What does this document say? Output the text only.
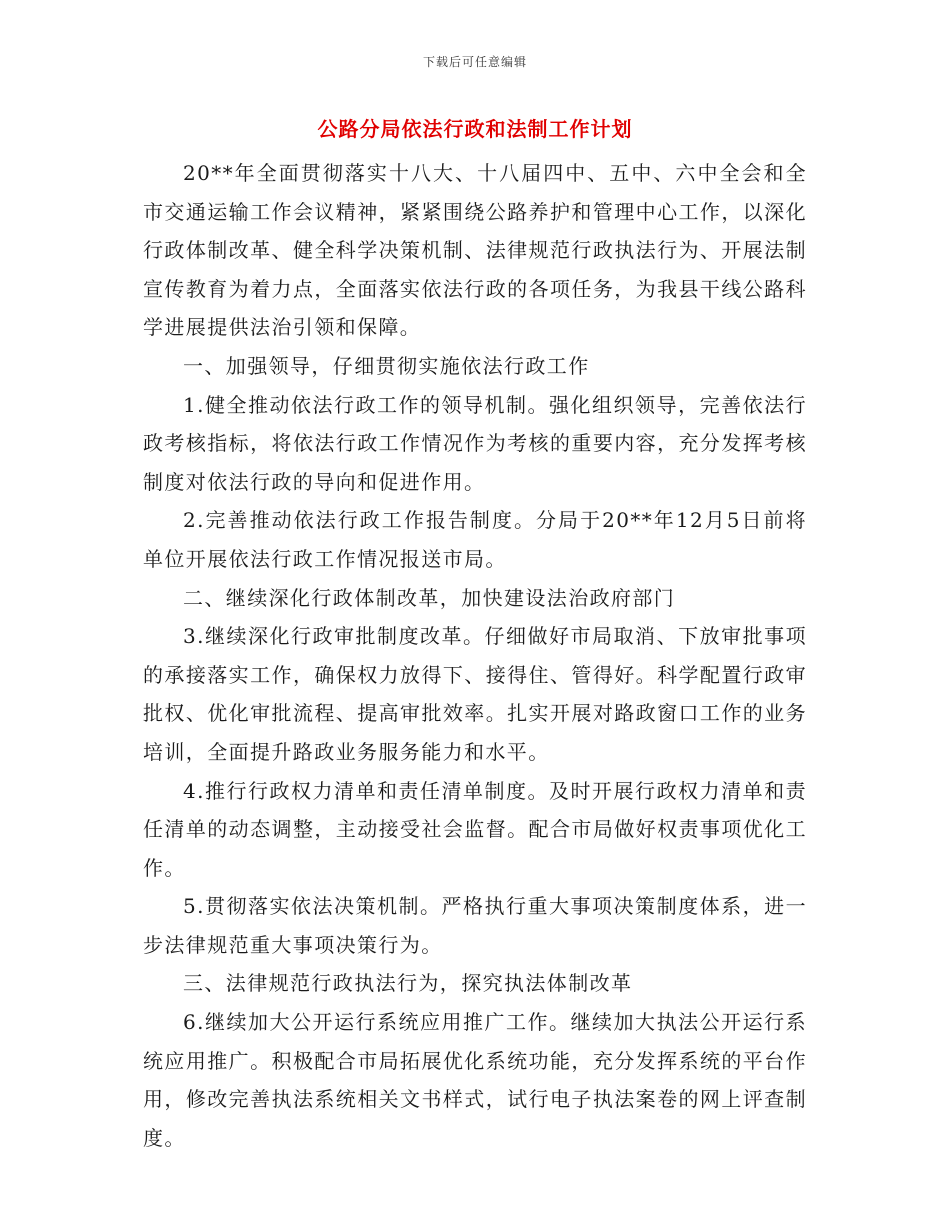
下载后可任意编辑
公路分局依法行政和法制工作计划

20**年全面贯彻落实十八大、十八届四中、五中、六中全会和全市交通运输工作会议精神，紧紧围绕公路养护和管理中心工作，以深化行政体制改革、健全科学决策机制、法律规范行政执法行为、开展法制宣传教育为着力点，全面落实依法行政的各项任务，为我县干线公路科学进展提供法治引领和保障。

一、加强领导，仔细贯彻实施依法行政工作

1.健全推动依法行政工作的领导机制。强化组织领导，完善依法行政考核指标，将依法行政工作情况作为考核的重要内容，充分发挥考核制度对依法行政的导向和促进作用。

2.完善推动依法行政工作报告制度。分局于20**年12月5日前将单位开展依法行政工作情况报送市局。

二、继续深化行政体制改革，加快建设法治政府部门

3.继续深化行政审批制度改革。仔细做好市局取消、下放审批事项的承接落实工作，确保权力放得下、接得住、管得好。科学配置行政审批权、优化审批流程、提高审批效率。扎实开展对路政窗口工作的业务培训，全面提升路政业务服务能力和水平。

4.推行行政权力清单和责任清单制度。及时开展行政权力清单和责任清单的动态调整，主动接受社会监督。配合市局做好权责事项优化工作。

5.贯彻落实依法决策机制。严格执行重大事项决策制度体系，进一步法律规范重大事项决策行为。

三、法律规范行政执法行为，探究执法体制改革

6.继续加大公开运行系统应用推广工作。继续加大执法公开运行系统应用推广。积极配合市局拓展优化系统功能，充分发挥系统的平台作用，修改完善执法系统相关文书样式，试行电子执法案卷的网上评查制度。
